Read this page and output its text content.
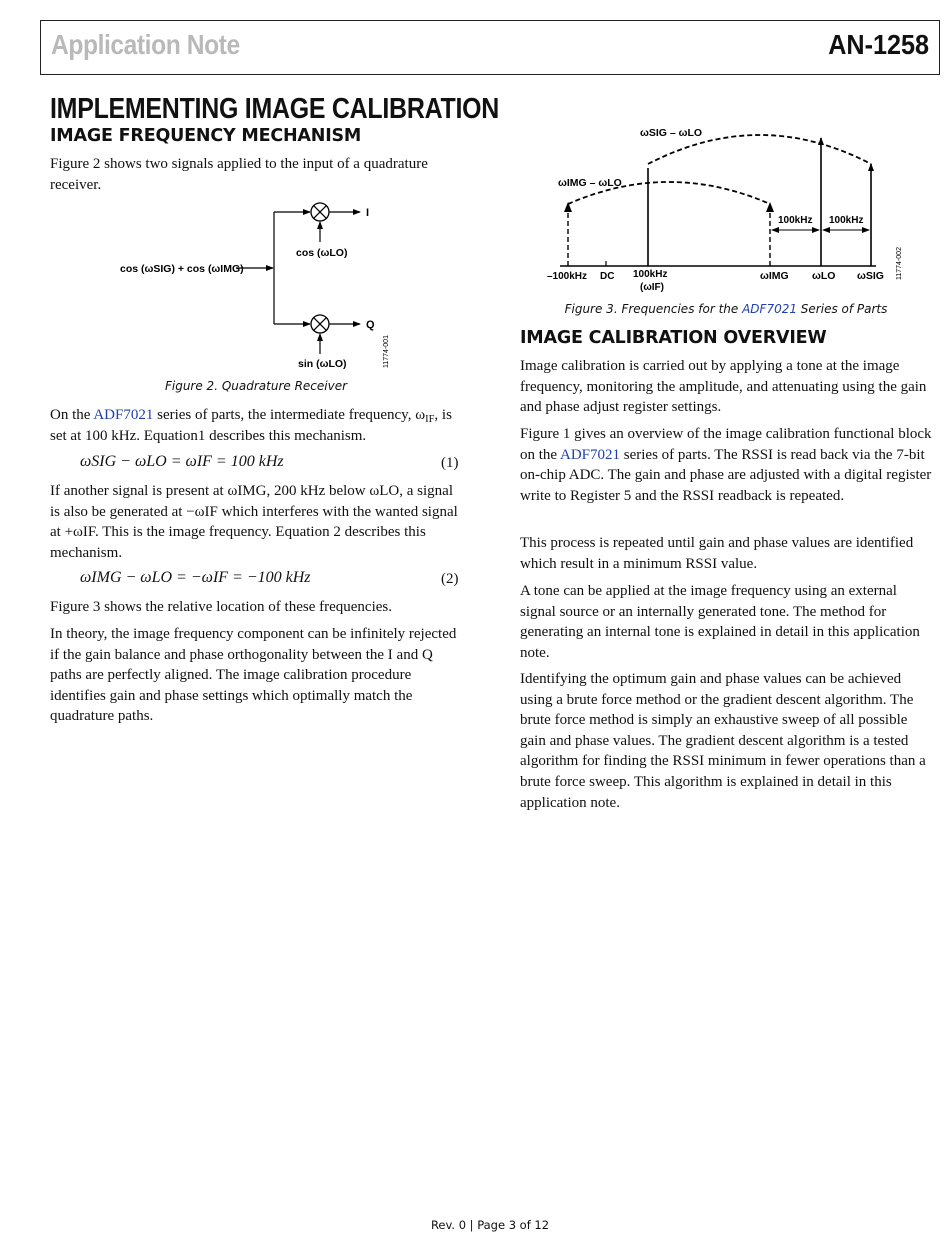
Application Note	AN-1258
IMPLEMENTING IMAGE CALIBRATION
IMAGE FREQUENCY MECHANISM

Figure 2 shows two signals applied to the input of a quadrature receiver.

cos (ωSIG) + cos (ωIMG)
cos (ωLO)
sin (ωLO)
I
Q
11774-001
Figure 2. Quadrature Receiver

On the ADF7021 series of parts, the intermediate frequency, $\omega_{IF}$, is set at 100 kHz. Equation1 describes this mechanism.

ωSIG − ωLO = ωIF = 100 kHz	(1)

If another signal is present at ωIMG, 200 kHz below ωLO, a signal is also be generated at −ωIF which interferes with the wanted signal at +ωIF. This is the image frequency. Equation 2 describes this mechanism.

ωIMG − ωLO = −ωIF = −100 kHz	(2)

Figure 3 shows the relative location of these frequencies.

In theory, the image frequency component can be infinitely rejected if the gain balance and phase orthogonality between the I and Q paths are perfectly aligned. The image calibration procedure identifies gain and phase settings which optimally match the quadrature paths.

ωSIG – ωLO
ωIMG – ωLO
100kHz 100kHz
–100kHz DC 100kHz
(ωIF)
ωIMG ωLO ωSIG 11774-002
Figure 3. Frequencies for the ADF7021 Series of Parts
IMAGE CALIBRATION OVERVIEW

Image calibration is carried out by applying a tone at the image frequency, monitoring the amplitude, and attenuating using the gain and phase adjust register settings.

Figure 1 gives an overview of the image calibration functional block on the ADF7021 series of parts. The RSSI is read back via the 7-bit on-chip ADC. The gain and phase are adjusted with a digital register write to Register 5 and the RSSI readback is repeated.

This process is repeated until gain and phase values are identified which result in a minimum RSSI value.

A tone can be applied at the image frequency using an external signal source or an internally generated tone. The method for generating an internal tone is explained in detail in this application note.

Identifying the optimum gain and phase values can be achieved using a brute force method or the gradient descent algorithm. The brute force method is simply an exhaustive sweep of all possible gain and phase values. The gradient descent algorithm is a tested algorithm for finding the RSSI minimum in fewer operations than a brute force sweep. This algorithm is explained in detail in this application note.

Rev. 0 | Page 3 of 12
